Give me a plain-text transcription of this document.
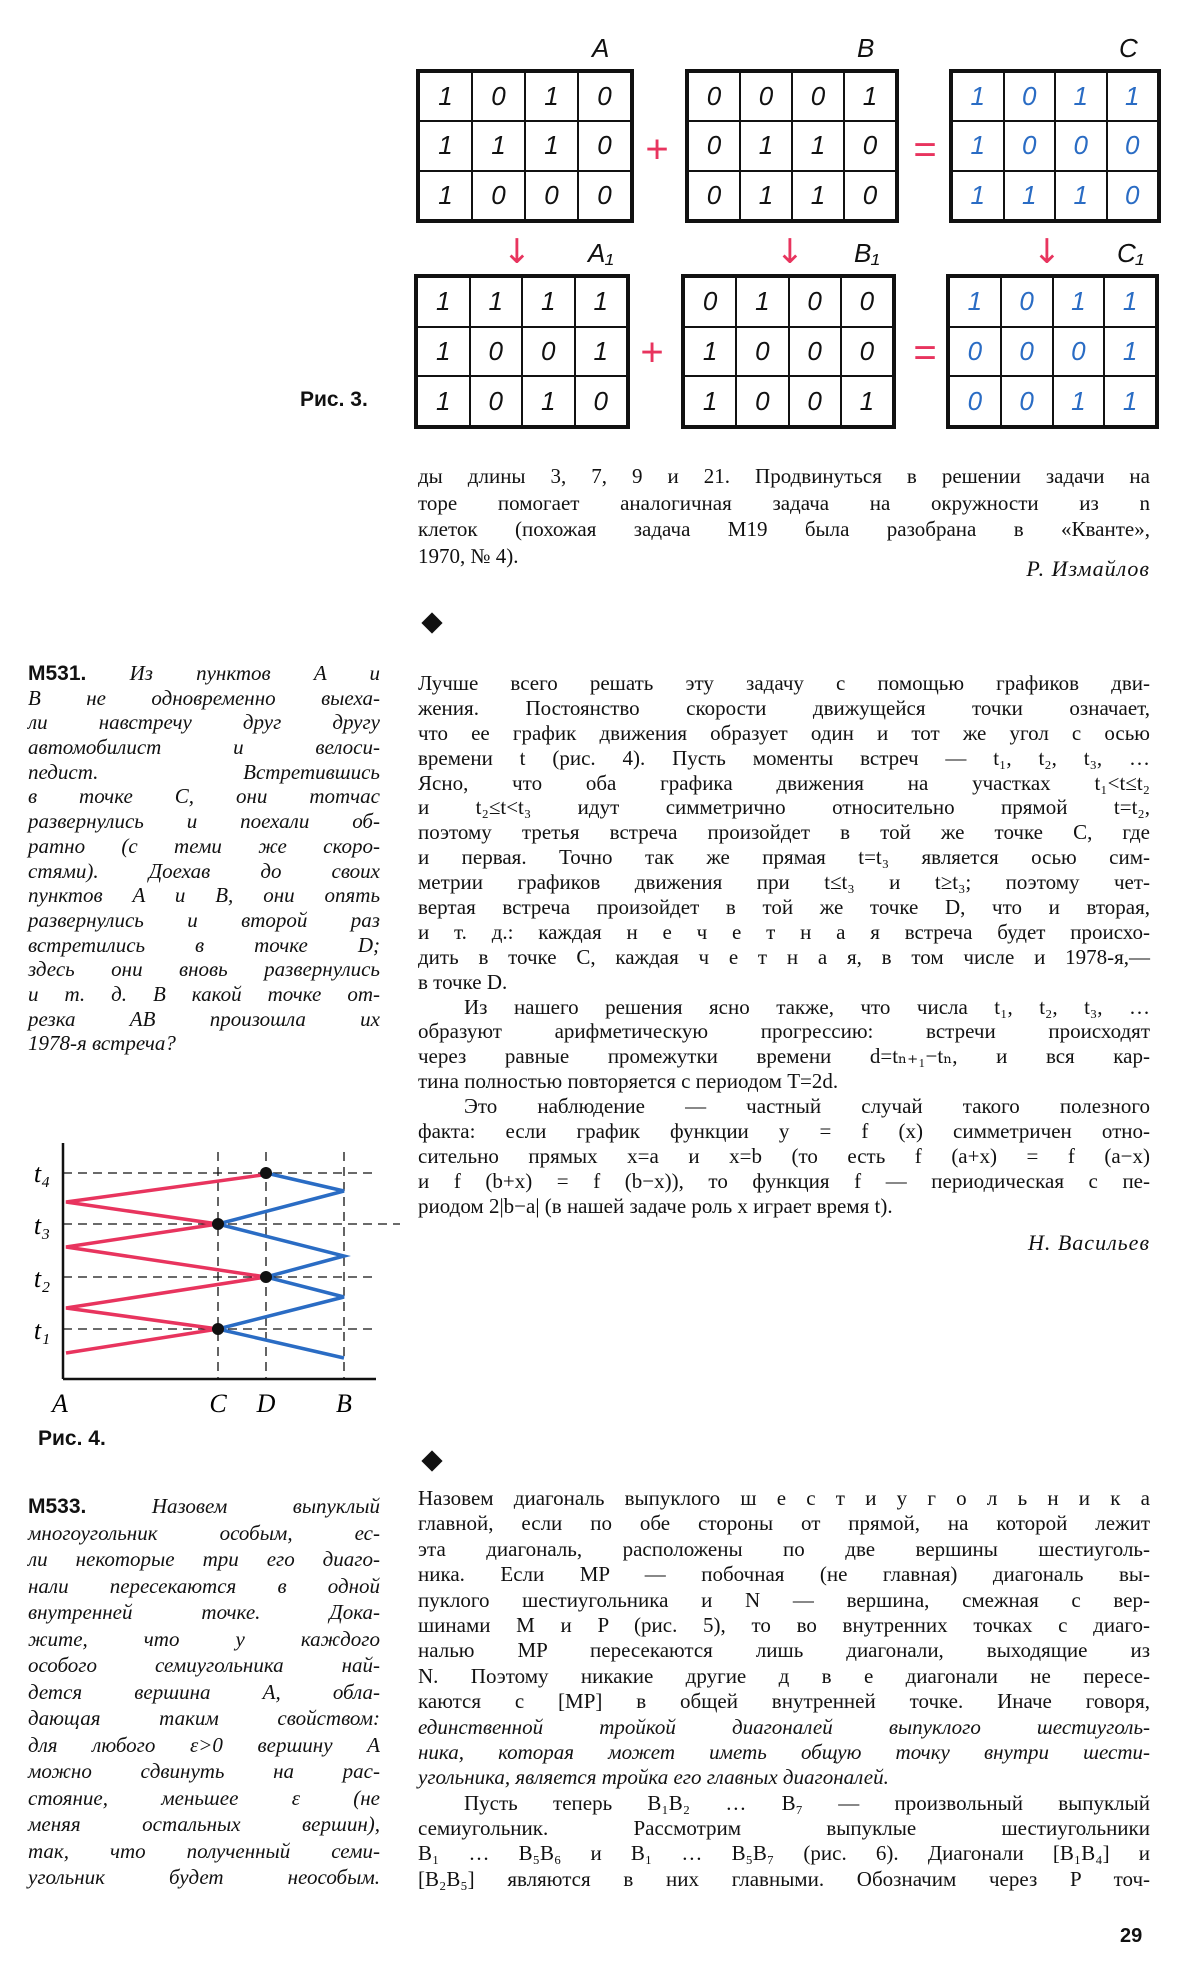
A
1	0	1	0
1	1	1	0
1	0	0	0
B
0	0	0	1
0	1	1	0
0	1	1	0
C
1	0	1	1
1	0	0	0
1	1	1	0
A₁
1	1	1	1
1	0	0	1
1	0	1	0
B₁
0	1	0	0
1	0	0	0
1	0	0	1
C₁
1	0	1	1
0	0	0	1
0	0	1	1
+	=
+	=
↓	↓	↓
Рис. 3.
ды длины 3, 7, 9 и 21. Продвинуться в решении задачи на
торе помогает аналогичная задача на окружности из n
клеток (похожая задача M19 была разобрана в «Кванте»,
1970, № 4).
Р. Измайлов
M531. Из пунктов A и
B не одновременно выеха-
ли навстречу друг другу
автомобилист и велоси-
педист. Встретившись
в точке C, они тотчас
развернулись и поехали об-
ратно (с теми же скоро-
стями). Доехав до своих
пунктов A и B, они опять
развернулись и второй раз
встретились в точке D;
здесь они вновь развернулись
и т. д. В какой точке от-
резка AB произошла их
1978-я встреча?
Лучше всего решать эту задачу с помощью графиков дви-
жения. Постоянство скорости движущейся точки означает,
что ее график движения образует один и тот же угол с осью
времени t (рис. 4). Пусть моменты встреч — t₁, t₂, t₃, …
Ясно, что оба графика движения на участках t₁<t≤t₂
и t₂≤t<t₃ идут симметрично относительно прямой t=t₂,
поэтому третья встреча произойдет в той же точке C, где
и первая. Точно так же прямая t=t₃ является осью сим-
метрии графиков движения при t≤t₃ и t≥t₃; поэтому чет-
вертая встреча произойдет в той же точке D, что и вторая,
и т. д.: каждая н е ч е т н а я встреча будет происхо-
дить в точке C, каждая ч е т н а я, в том числе и 1978-я,—
в точке D.
Из нашего решения ясно также, что числа t₁, t₂, t₃, …
образуют арифметическую прогрессию: встречи происходят
через равные промежутки времени d=tₙ₊₁−tₙ, и вся кар-
тина полностью повторяется с периодом T=2d.
Это наблюдение — частный случай такого полезного
факта: если график функции y = f (x) симметричен отно-
сительно прямых x=a и x=b (то есть f (a+x) = f (a−x)
и f (b+x) = f (b−x)), то функция f — периодическая с пе-
риодом 2|b−a| (в нашей задаче роль x играет время t).
Н. Васильев
t₁
t₂
t₃
t₄
A	C D B
Рис. 4.
M533.	Назовем выпуклый
многоугольник особым, ес-
ли некоторые три его диаго-
нали пересекаются в одной
внутренней точке. Дока-
жите, что у каждого
особого семиугольника най-
дется вершина A, обла-
дающая таким свойством:
для любого ε>0 вершину A
можно сдвинуть на рас-
стояние, меньшее ε (не
меняя остальных вершин),
так, что полученный семи-
угольник будет неособым.
Назовем диагональ выпуклого ш е с т и у г о л ь н и к а
главной, если по обе стороны от прямой, на которой лежит
эта диагональ, расположены по две вершины шестиуголь-
ника. Если MP — побочная (не главная) диагональ вы-
пуклого шестиугольника и N — вершина, смежная с вер-
шинами M и P (рис. 5), то во внутренних точках с диаго-
налью MP пересекаются лишь диагонали, выходящие из
N. Поэтому никакие другие д в е диагонали не пересе-
каются с [MP] в общей внутренней точке. Иначе говоря,
единственной тройкой диагоналей выпуклого шестиуголь-
ника, которая может иметь общую точку внутри шести-
угольника, является тройка его главных диагоналей.
Пусть теперь B₁B₂ … B₇ — произвольный выпуклый
семиугольник. Рассмотрим выпуклые шестиугольники
B₁ … B₅B₆ и B₁ … B₅B₇ (рис. 6). Диагонали [B₁B₄] и
[B₂B₅] являются в них главными. Обозначим через P точ-
29
